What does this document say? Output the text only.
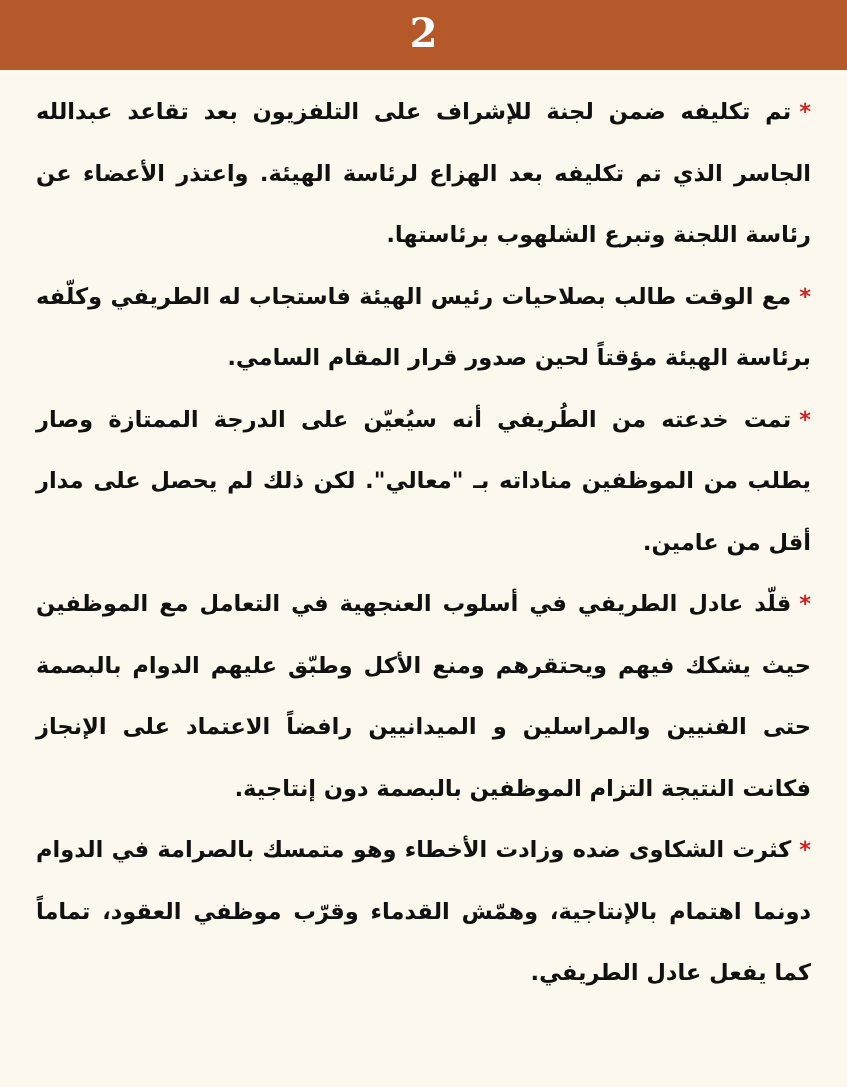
2

*تم تكليفه ضمن لجنة للإشراف على التلفزيون بعد تقاعد عبدالله الجاسر الذي تم تكليفه بعد الهزاع لرئاسة الهيئة. واعتذر الأعضاء عن رئاسة اللجنة وتبرع الشلهوب برئاستها.

*مع الوقت طالب بصلاحيات رئيس الهيئة فاستجاب له الطريفي وكلّفه برئاسة الهيئة مؤقتاً لحين صدور قرار المقام السامي.

*تمت خدعته من الطُريفي أنه سيُعيّن على الدرجة الممتازة وصار يطلب من الموظفين مناداته بـ "معالي". لكن ذلك لم يحصل على مدار أقل من عامين.

*قلّد عادل الطريفي في أسلوب العنجهية في التعامل مع الموظفين حيث يشكك فيهم ويحتقرهم ومنع الأكل وطبّق عليهم الدوام بالبصمة حتى الفنيين والمراسلين و الميدانيين رافضاً الاعتماد على الإنجاز فكانت النتيجة التزام الموظفين بالبصمة دون إنتاجية.

*كثرت الشكاوى ضده وزادت الأخطاء وهو متمسك بالصرامة في الدوام دونما اهتمام بالإنتاجية، وهمّش القدماء وقرّب موظفي العقود، تماماً كما يفعل عادل الطريفي.
